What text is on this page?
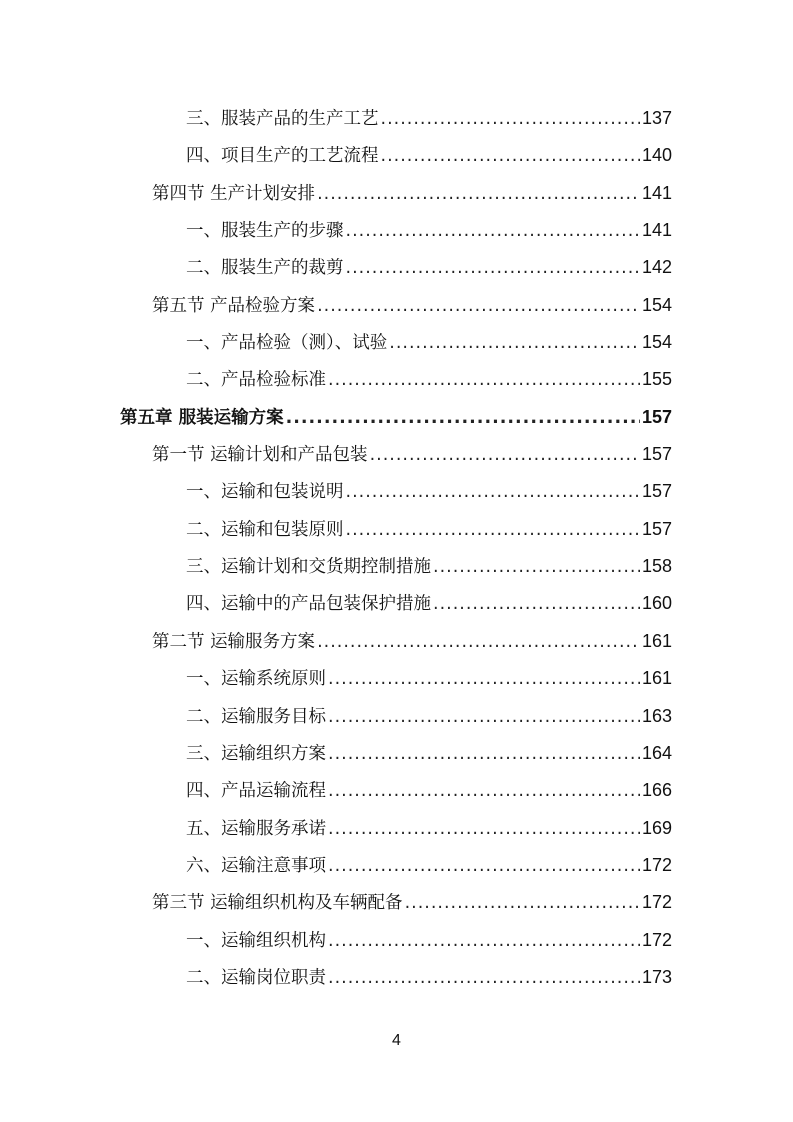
三、服装产品的生产工艺 .....	137
四、项目生产的工艺流程 .....	140
第四节 生产计划安排 .....	141
一、服装生产的步骤 .....	141
二、服装生产的裁剪 .....	142
第五节 产品检验方案 .....	154
一、产品检验（测）、试验 .....	154
二、产品检验标准 .....	155
第五章 服装运输方案 .....	157
第一节 运输计划和产品包装 .....	157
一、运输和包装说明 .....	157
二、运输和包装原则 .....	157
三、运输计划和交货期控制措施 .....	158
四、运输中的产品包装保护措施 .....	160
第二节 运输服务方案 .....	161
一、运输系统原则 .....	161
二、运输服务目标 .....	163
三、运输组织方案 .....	164
四、产品运输流程 .....	166
五、运输服务承诺 .....	169
六、运输注意事项 .....	172
第三节 运输组织机构及车辆配备 .....	172
一、运输组织机构 .....	172
二、运输岗位职责 .....	173
4
